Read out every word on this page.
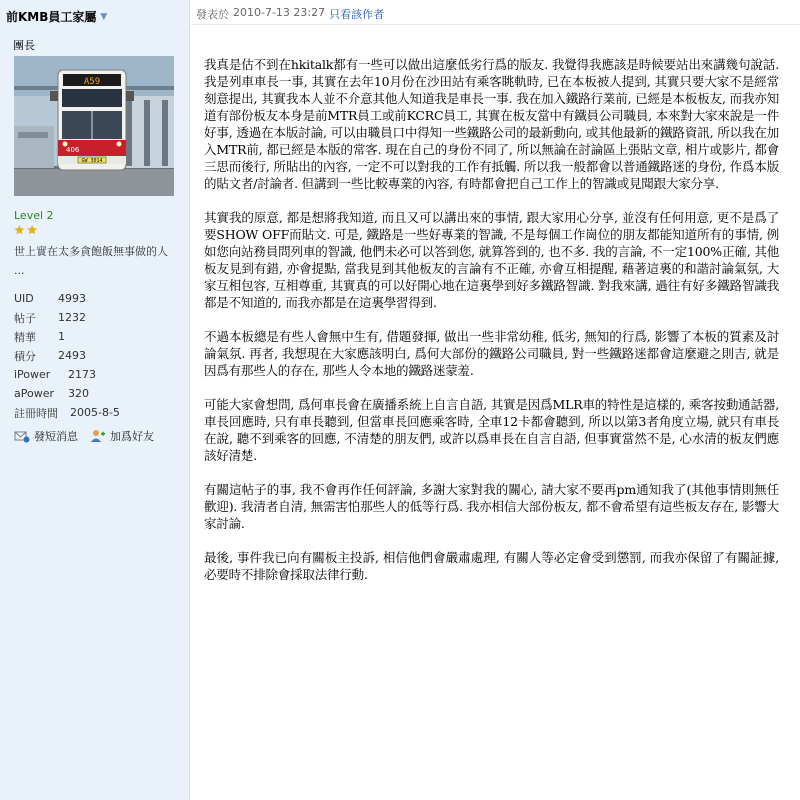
前KMB員工家屬 ▼
團長
A59
406
GW 3014
Level 2
★ ★
世上實在太多貪飽飯無事做的人 ...
UID	4993
帖子	1232
精華	1
積分	2493
iPower	2173
aPower	320
註冊時間	2005-8-5
發短消息	加爲好友
發表於 2010-7-13 23:27 只看該作者

我真是估不到在hkitalk都有一些可以做出這麼低劣行爲的版友. 我覺得我應該是時候要站出來講幾句說話. 我是列車車長一事, 其實在去年10月份在沙田站有乘客眺軌時, 已在本板被人提到, 其實只要大家不是經常刻意提出, 其實我本人並不介意其他人知道我是車長一事. 我在加入鐵路行業前, 已經是本板板友, 而我亦知道有部份板友本身是前MTR員工或前KCRC員工, 其實在板友當中有鐵員公司職員, 本來對大家來說是一件好事, 透過在本版討論, 可以由職員口中得知一些鐵路公司的最新動向, 或其他最新的鐵路資訊, 所以我在加入MTR前, 都已經是本版的常客. 現在自己的身份不同了, 所以無論在討論區上張貼文章, 相片或影片, 都會三思而後行, 所貼出的內容, 一定不可以對我的工作有抵觸. 所以我一般都會以普通鐵路迷的身份, 作爲本版的貼文者/討論者. 但講到一些比較專業的內容, 有時都會把自己工作上的智識或見聞跟大家分享.

其實我的原意, 都是想將我知道, 而且又可以講出來的事情, 跟大家用心分享, 並沒有任何用意, 更不是爲了要SHOW OFF而貼文. 可是, 鐵路是一些好專業的智識, 不是每個工作崗位的朋友都能知道所有的事情, 例如您向站務員問列車的智識, 他們未必可以答到您, 就算答到的, 也不多. 我的言論, 不一定100%正確, 其他板友見到有錯, 亦會提點, 當我見到其他板友的言論有不正確, 亦會互相提醒, 藉著這裏的和諧討論氣氛, 大家互相包容, 互相尊重, 其實真的可以好開心地在這裏學到好多鐵路智識. 對我來講, 過往有好多鐵路智識我都是不知道的, 而我亦都是在這裏學習得到.

不過本板總是有些人會無中生有, 借題發揮, 做出一些非常幼稚, 低劣, 無知的行爲, 影響了本板的質素及討論氣氛. 再者, 我想現在大家應該明白, 爲何大部份的鐵路公司職員, 對一些鐵路迷都會這麼避之則吉, 就是因爲有那些人的存在, 那些人令本地的鐵路迷蒙羞.

可能大家會想問, 爲何車長會在廣播系統上自言自語, 其實是因爲MLR車的特性是這樣的, 乘客按動通話器, 車長回應時, 只有車長聽到, 但當車長回應乘客時, 全車12卡都會聽到, 所以以第3者角度立場, 就只有車長在說, 聽不到乘客的回應, 不清楚的朋友們, 或許以爲車長在自言自語, 但事實當然不是, 心水清的板友們應該好清楚.

有關這帖子的事, 我不會再作任何評論, 多謝大家對我的關心, 請大家不要再pm通知我了(其他事情則無任歡迎). 我清者自清, 無需害怕那些人的低等行爲. 我亦相信大部份板友, 都不會希望有這些板友存在, 影響大家討論.

最後, 事件我已向有關板主投訴, 相信他們會嚴肅處理, 有關人等必定會受到懲罰, 而我亦保留了有關証據, 必要時不排除會採取法律行動.
